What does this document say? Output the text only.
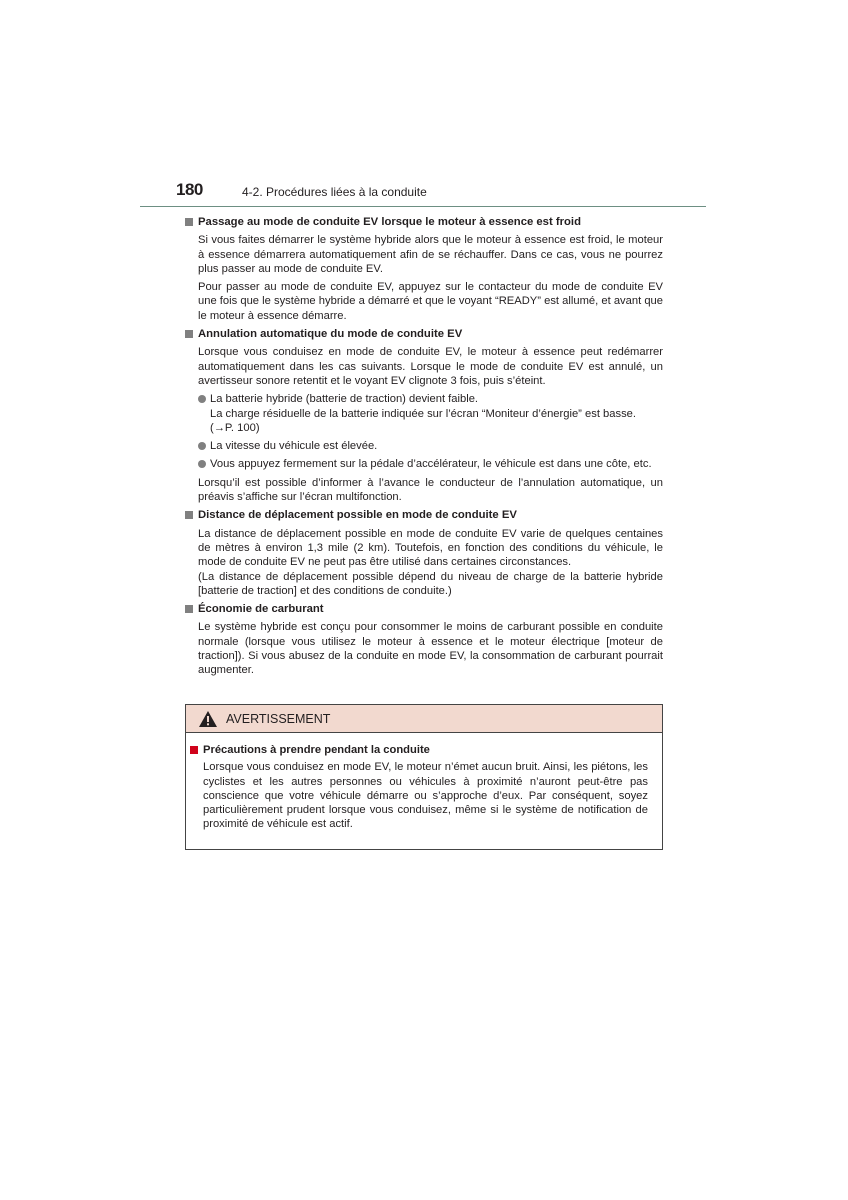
180	4-2. Procédures liées à la conduite
Passage au mode de conduite EV lorsque le moteur à essence est froid

Si vous faites démarrer le système hybride alors que le moteur à essence est froid, le moteur à essence démarrera automatiquement afin de se réchauffer. Dans ce cas, vous ne pourrez plus passer au mode de conduite EV.

Pour passer au mode de conduite EV, appuyez sur le contacteur du mode de conduite EV une fois que le système hybride a démarré et que le voyant “READY” est allumé, et avant que le moteur à essence démarre.

Annulation automatique du mode de conduite EV

Lorsque vous conduisez en mode de conduite EV, le moteur à essence peut redémarrer automatiquement dans les cas suivants. Lorsque le mode de conduite EV est annulé, un avertisseur sonore retentit et le voyant EV clignote 3 fois, puis s’éteint.

La batterie hybride (batterie de traction) devient faible.
La charge résiduelle de la batterie indiquée sur l’écran “Moniteur d’énergie” est basse. (→P. 100)
La vitesse du véhicule est élevée.
Vous appuyez fermement sur la pédale d’accélérateur, le véhicule est dans une côte, etc.

Lorsqu’il est possible d’informer à l’avance le conducteur de l’annulation automatique, un préavis s’affiche sur l’écran multifonction.

Distance de déplacement possible en mode de conduite EV

La distance de déplacement possible en mode de conduite EV varie de quelques centaines de mètres à environ 1,3 mile (2 km). Toutefois, en fonction des conditions du véhicule, le mode de conduite EV ne peut pas être utilisé dans certaines circonstances.

(La distance de déplacement possible dépend du niveau de charge de la batterie hybride [batterie de traction] et des conditions de conduite.)

Économie de carburant

Le système hybride est conçu pour consommer le moins de carburant possible en conduite normale (lorsque vous utilisez le moteur à essence et le moteur électrique [moteur de traction]). Si vous abusez de la conduite en mode EV, la consommation de carburant pourrait augmenter.

AVERTISSEMENT
Précautions à prendre pendant la conduite

Lorsque vous conduisez en mode EV, le moteur n’émet aucun bruit. Ainsi, les piétons, les cyclistes et les autres personnes ou véhicules à proximité n’auront peut-être pas conscience que votre véhicule démarre ou s’approche d’eux. Par conséquent, soyez particulièrement prudent lorsque vous conduisez, même si le système de notification de proximité de véhicule est actif.
